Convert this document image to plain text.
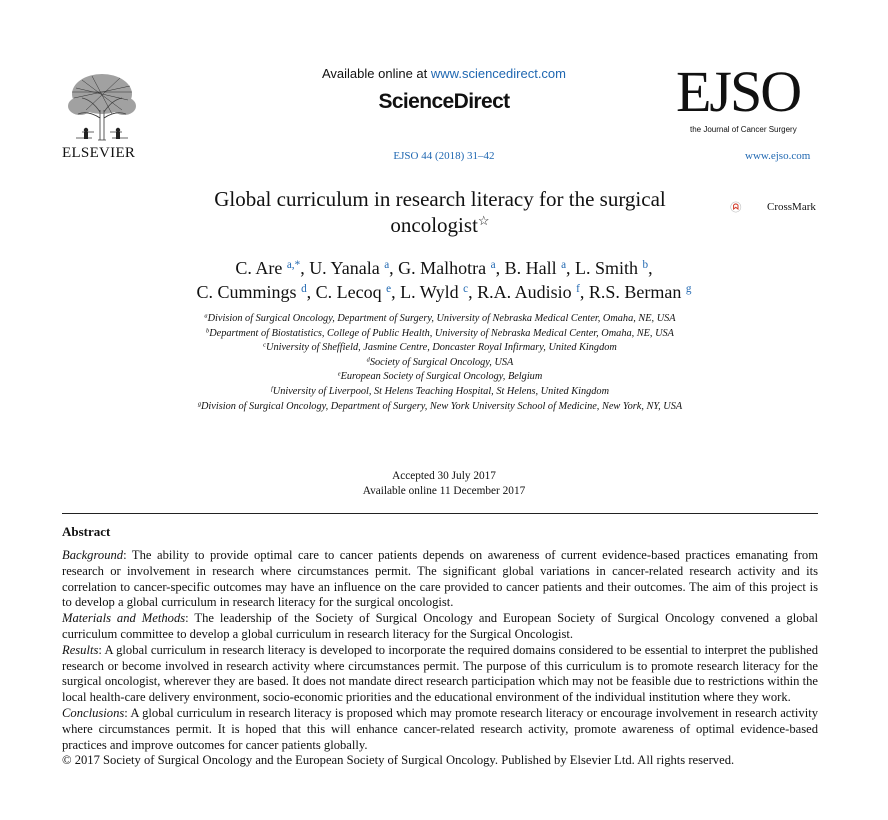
ELSEVIER
Available online at www.sciencedirect.com
ScienceDirect
EJSO 44 (2018) 31–42
EJSO
the Journal of Cancer Surgery
www.ejso.com
Global curriculum in research literacy for the surgical
oncologist☆
CrossMark
C. Are $^{a,*}$, U. Yanala $^a$, G. Malhotra $^a$, B. Hall $^a$, L. Smith $^b$,
C. Cummings $^d$, C. Lecoq $^e$, L. Wyld $^c$, R.A. Audisio $^f$, R.S. Berman $^g$
$^a$Division of Surgical Oncology, Department of Surgery, University of Nebraska Medical Center, Omaha, NE, USA
$^b$Department of Biostatistics, College of Public Health, University of Nebraska Medical Center, Omaha, NE, USA
$^c$University of Sheffield, Jasmine Centre, Doncaster Royal Infirmary, United Kingdom
$^d$Society of Surgical Oncology, USA
$^e$European Society of Surgical Oncology, Belgium
$^f$University of Liverpool, St Helens Teaching Hospital, St Helens, United Kingdom
$^g$Division of Surgical Oncology, Department of Surgery, New York University School of Medicine, New York, NY, USA
Accepted 30 July 2017
Available online 11 December 2017
Abstract

Background: The ability to provide optimal care to cancer patients depends on awareness of current evidence-based practices emanating from research or involvement in research where circumstances permit. The significant global variations in cancer-related research activity and its correlation to cancer-specific outcomes may have an influence on the care provided to cancer patients and their outcomes. The aim of this project is to develop a global curriculum in research literacy for the surgical oncologist.

Materials and Methods: The leadership of the Society of Surgical Oncology and European Society of Surgical Oncology convened a global curriculum committee to develop a global curriculum in research literacy for the Surgical Oncologist.

Results: A global curriculum in research literacy is developed to incorporate the required domains considered to be essential to interpret the published research or become involved in research activity where circumstances permit. The purpose of this curriculum is to promote research literacy for the surgical oncologist, wherever they are based. It does not mandate direct research participation which may not be feasible due to restrictions within the local health-care delivery environment, socio-economic priorities and the educational environment of the individual institution where they work.

Conclusions: A global curriculum in research literacy is proposed which may promote research literacy or encourage involvement in research activity where circumstances permit. It is hoped that this will enhance cancer-related research activity, promote awareness of optimal evidence-based practices and improve outcomes for cancer patients globally.

© 2017 Society of Surgical Oncology and the European Society of Surgical Oncology. Published by Elsevier Ltd. All rights reserved.
